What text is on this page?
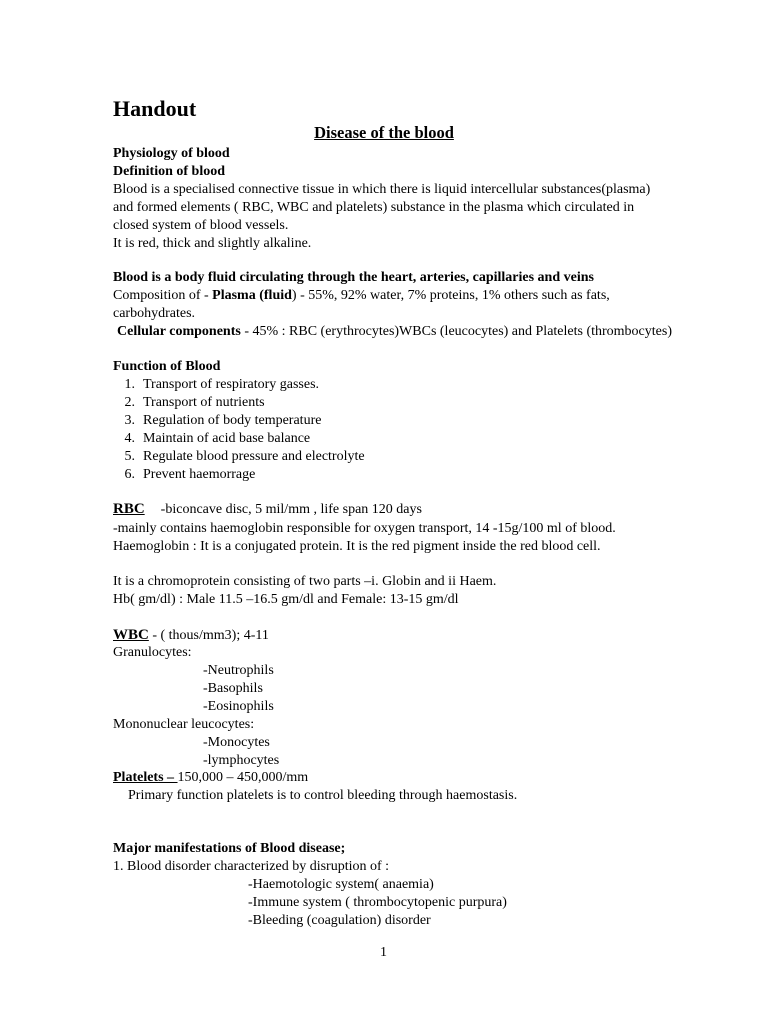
Handout
Disease of the blood
Physiology of blood
Definition of blood
Blood is a specialised connective tissue in which there is liquid intercellular substances(plasma)
and formed elements ( RBC, WBC and platelets) substance in the plasma which circulated in
closed system of blood vessels.
It is red, thick and slightly alkaline.
Blood is a body fluid circulating through the heart, arteries, capillaries and veins
Composition of - Plasma (fluid) - 55%, 92% water, 7% proteins, 1% others such as fats,
carbohydrates.
Cellular components - 45% : RBC (erythrocytes)WBCs (leucocytes) and Platelets (thrombocytes)
Function of Blood
1. Transport of respiratory gasses.
2. Transport of nutrients
3. Regulation of body temperature
4. Maintain of acid base balance
5. Regulate blood pressure and electrolyte
6. Prevent haemorrage
RBC -biconcave disc, 5 mil/mm , life span 120 days
-mainly contains haemoglobin responsible for oxygen transport, 14 -15g/100 ml of blood.
Haemoglobin : It is a conjugated protein. It is the red pigment inside the red blood cell.
It is a chromoprotein consisting of two parts –i. Globin and ii Haem.
Hb( gm/dl) : Male 11.5 –16.5 gm/dl and Female: 13-15 gm/dl
WBC - ( thous/mm3); 4-11
Granulocytes:
-Neutrophils
-Basophils
-Eosinophils
Mononuclear leucocytes:
-Monocytes
-lymphocytes
Platelets – 150,000 – 450,000/mm
Primary function platelets is to control bleeding through haemostasis.
Major manifestations of Blood disease;
1. Blood disorder characterized by disruption of :
-Haemotologic system( anaemia)
-Immune system ( thrombocytopenic purpura)
-Bleeding (coagulation) disorder
1
